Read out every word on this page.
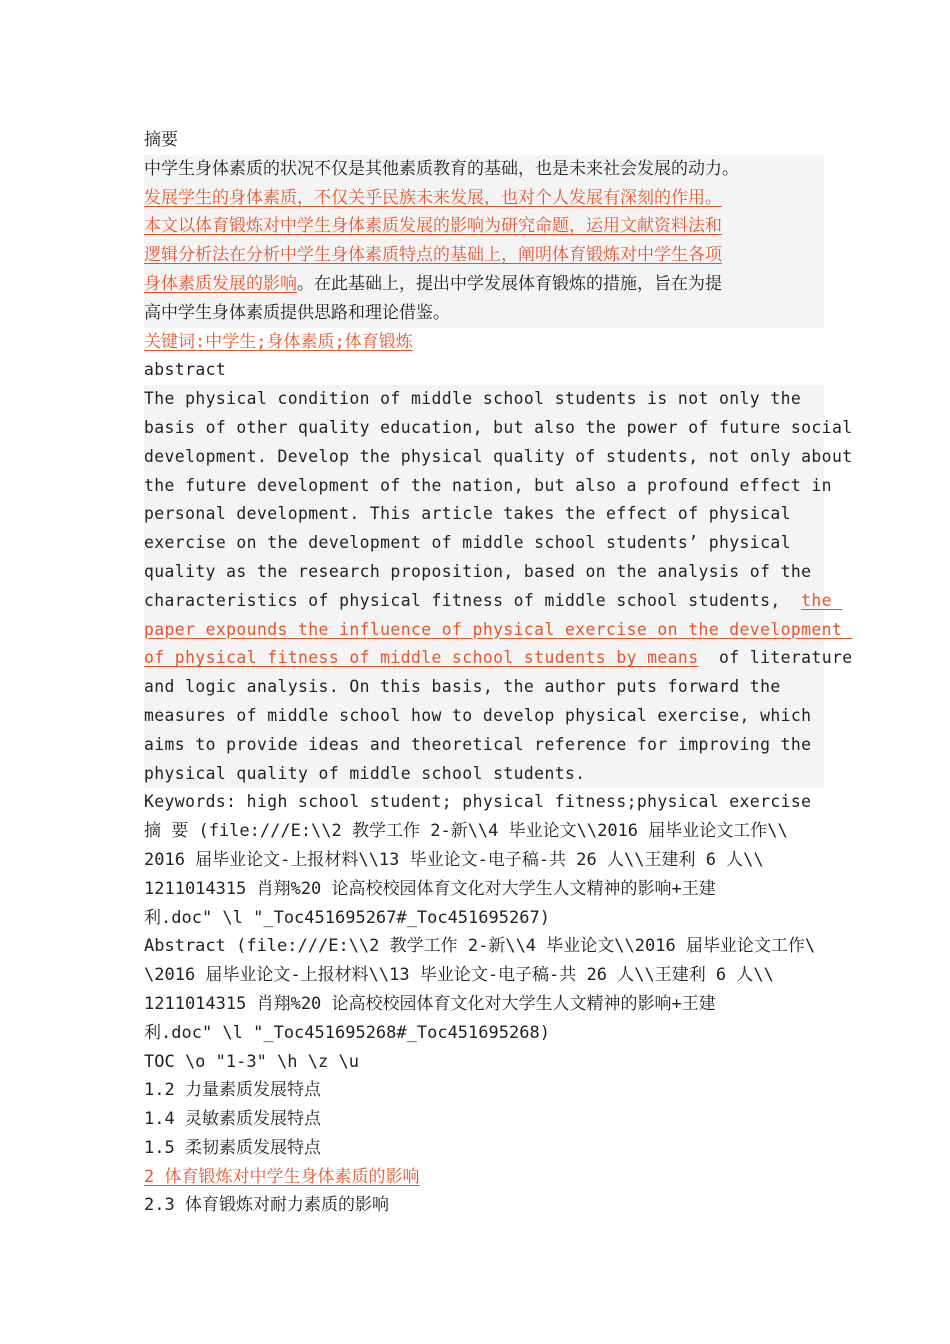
摘要
中学生身体素质的状况不仅是其他素质教育的基础，也是未来社会发展的动力。
发展学生的身体素质，不仅关乎民族未来发展，也对个人发展有深刻的作用。
本文以体育锻炼对中学生身体素质发展的影响为研究命题，运用文献资料法和
逻辑分析法在分析中学生身体素质特点的基础上，阐明体育锻炼对中学生各项
身体素质发展的影响。在此基础上，提出中学发展体育锻炼的措施，旨在为提
高中学生身体素质提供思路和理论借鉴。
关键词:中学生;身体素质;体育锻炼
abstract
The physical condition of middle school students is not only the
basis of other quality education, but also the power of future social
development. Develop the physical quality of students, not only about
the future development of the nation, but also a profound effect in
personal development. This article takes the effect of physical
exercise on the development of middle school students’ physical
quality as the research proposition, based on the analysis of the
characteristics of physical fitness of middle school students,  the
paper expounds the influence of physical exercise on the development
of physical fitness of middle school students by means  of literature
and logic analysis. On this basis, the author puts forward the
measures of middle school how to develop physical exercise, which
aims to provide ideas and theoretical reference for improving the
physical quality of middle school students.
Keywords: high school student; physical fitness;physical exercise
摘 要 (file:///E:\\2 教学工作 2-新\\4 毕业论文\\2016 届毕业论文工作\\
2016 届毕业论文-上报材料\\13 毕业论文-电子稿-共 26 人\\王建利 6 人\\
1211014315 肖翔%20 论高校校园体育文化对大学生人文精神的影响+王建
利.doc" \l "_Toc451695267#_Toc451695267)
Abstract (file:///E:\\2 教学工作 2-新\\4 毕业论文\\2016 届毕业论文工作\
\2016 届毕业论文-上报材料\\13 毕业论文-电子稿-共 26 人\\王建利 6 人\\
1211014315 肖翔%20 论高校校园体育文化对大学生人文精神的影响+王建
利.doc" \l "_Toc451695268#_Toc451695268)
TOC \o "1-3" \h \z \u
1.2 力量素质发展特点
1.4 灵敏素质发展特点
1.5 柔韧素质发展特点
2 体育锻炼对中学生身体素质的影响
2.3 体育锻炼对耐力素质的影响
